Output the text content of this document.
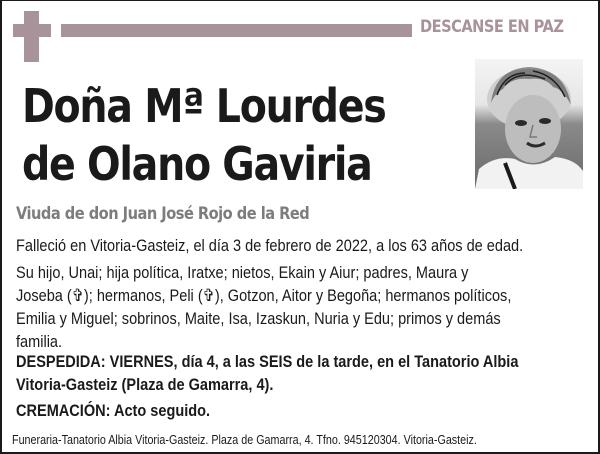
DESCANSE EN PAZ
Doña Mª Lourdes
de Olano Gaviria
Viuda de don Juan José Rojo de la Red
Falleció en Vitoria-Gasteiz, el día 3 de febrero de 2022, a los 63 años de edad.
Su hijo, Unai; hija política, Iratxe; nietos, Ekain y Aiur; padres, Maura y
Joseba (✞); hermanos, Peli (✞), Gotzon, Aitor y Begoña; hermanos políticos,
Emilia y Miguel; sobrinos, Maite, Isa, Izaskun, Nuria y Edu; primos y demás
familia.
DESPEDIDA: VIERNES, día 4, a las SEIS de la tarde, en el Tanatorio Albia
Vitoria-Gasteiz (Plaza de Gamarra, 4).
CREMACIÓN: Acto seguido.
Funeraria-Tanatorio Albia Vitoria-Gasteiz. Plaza de Gamarra, 4. Tfno. 945120304. Vitoria-Gasteiz.
